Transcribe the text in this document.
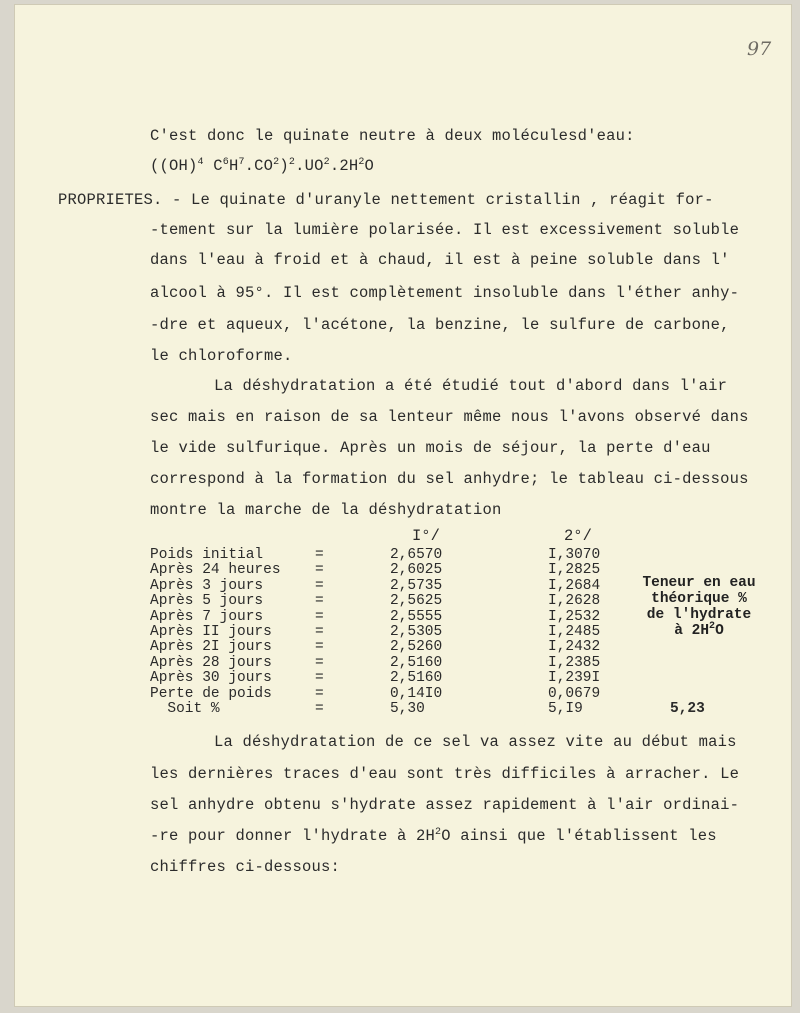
97
C'est donc le quinate neutre à deux moléculesd'eau:
((OH)$^4$ $C^6H^7.CO^2)^2.UO^2.2H^2O$
PROPRIETES. - Le quinate d'uranyle nettement cristallin , réagit for-
-tement sur la lumière polarisée. Il est excessivement soluble
dans l'eau à froid et à chaud, il est à peine soluble dans l'
alcool à 95°. Il est complètement insoluble dans l'éther anhy-
-dre et aqueux, l'acétone, la benzine, le sulfure de carbone,
le chloroforme.
La déshydratation a été étudié tout d'abord dans l'air
sec mais en raison de sa lenteur même nous l'avons observé dans
le vide sulfurique. Après un mois de séjour, la perte d'eau
correspond à la formation du sel anhydre; le tableau ci-dessous
montre la marche de la déshydratation
I°/	2°/
Poids initial	=	2,6570	I,3070
Après 24 heures =	2,6025	I,2825
Après 3 jours	=	2,5735	I,2684
Après 5 jours	=	2,5625	I,2628
Après 7 jours	=	2,5555	I,2532
Après II jours	=	2,5305	I,2485
Après 2I jours	=	2,5260	I,2432
Après 28 jours	=	2,5160	I,2385
Après 30 jours	=	2,5160	I,239I
Perte de poids	=	0,14I0	0,0679
Soit %	=	5,30	5,I9	5,23
Teneur en eau
théorique %
de l'hydrate
à $2H^2O$
La déshydratation de ce sel va assez vite au début mais
les dernières traces d'eau sont très difficiles à arracher. Le
sel anhydre obtenu s'hydrate assez rapidement à l'air ordinai-
-re pour donner l'hydrate à $2H^2O$ ainsi que l'établissent les
chiffres ci-dessous:
